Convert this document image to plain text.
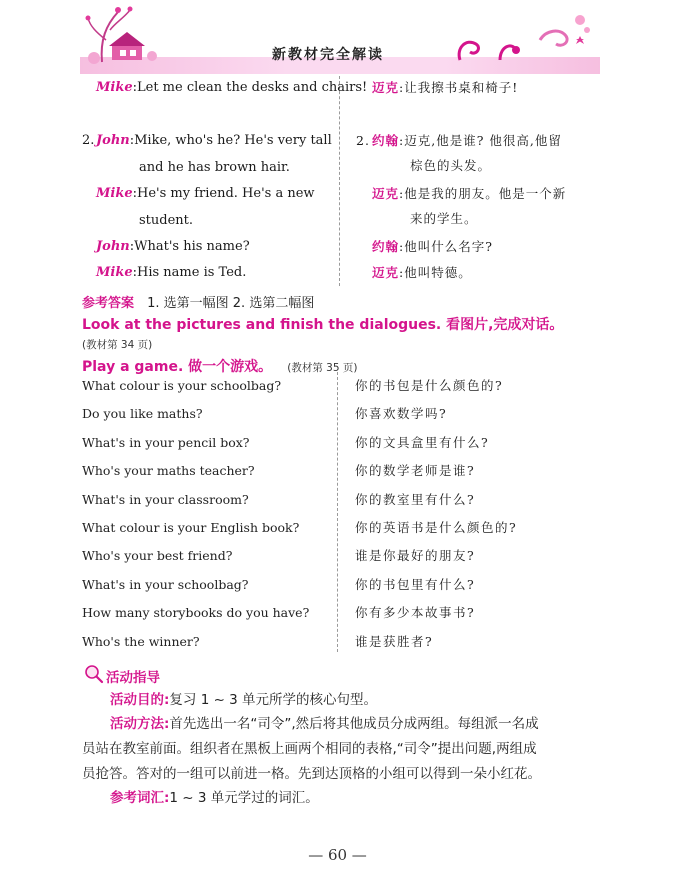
新教材完全解读
Mike:Let me clean the desks and chairs! 迈克:让我擦书桌和椅子!
2. John:Mike, who's he? He's very tall
and he has brown hair.
Mike:He's my friend. He's a new
student.
John:What's his name?
Mike:His name is Ted.
2. 约翰:迈克,他是谁? 他很高,他留
棕色的头发。
迈克:他是我的朋友。他是一个新
来的学生。
约翰:他叫什么名字?
迈克:他叫特德。
参考答案 1. 选第一幅图 2. 选第二幅图
Look at the pictures and finish the dialogues. 看图片,完成对话。
(教材第 34 页)
Play a game. 做一个游戏。 (教材第 35 页)
What colour is your schoolbag?	你的书包是什么颜色的?
Do you like maths?	你喜欢数学吗?
What's in your pencil box?	你的文具盒里有什么?
Who's your maths teacher?	你的数学老师是谁?
What's in your classroom?	你的教室里有什么?
What colour is your English book?	你的英语书是什么颜色的?
Who's your best friend?	谁是你最好的朋友?
What's in your schoolbag?	你的书包里有什么?
How many storybooks do you have?	你有多少本故事书?
Who's the winner?	谁是获胜者?
活动指导
活动目的:复习 1 ~ 3 单元所学的核心句型。
活动方法:首先选出一名“司令”,然后将其他成员分成两组。每组派一名成
员站在教室前面。组织者在黑板上画两个相同的表格,“司令”提出问题,两组成
员抢答。答对的一组可以前进一格。先到达顶格的小组可以得到一朵小红花。
参考词汇:1 ~ 3 单元学过的词汇。
— 60 —
